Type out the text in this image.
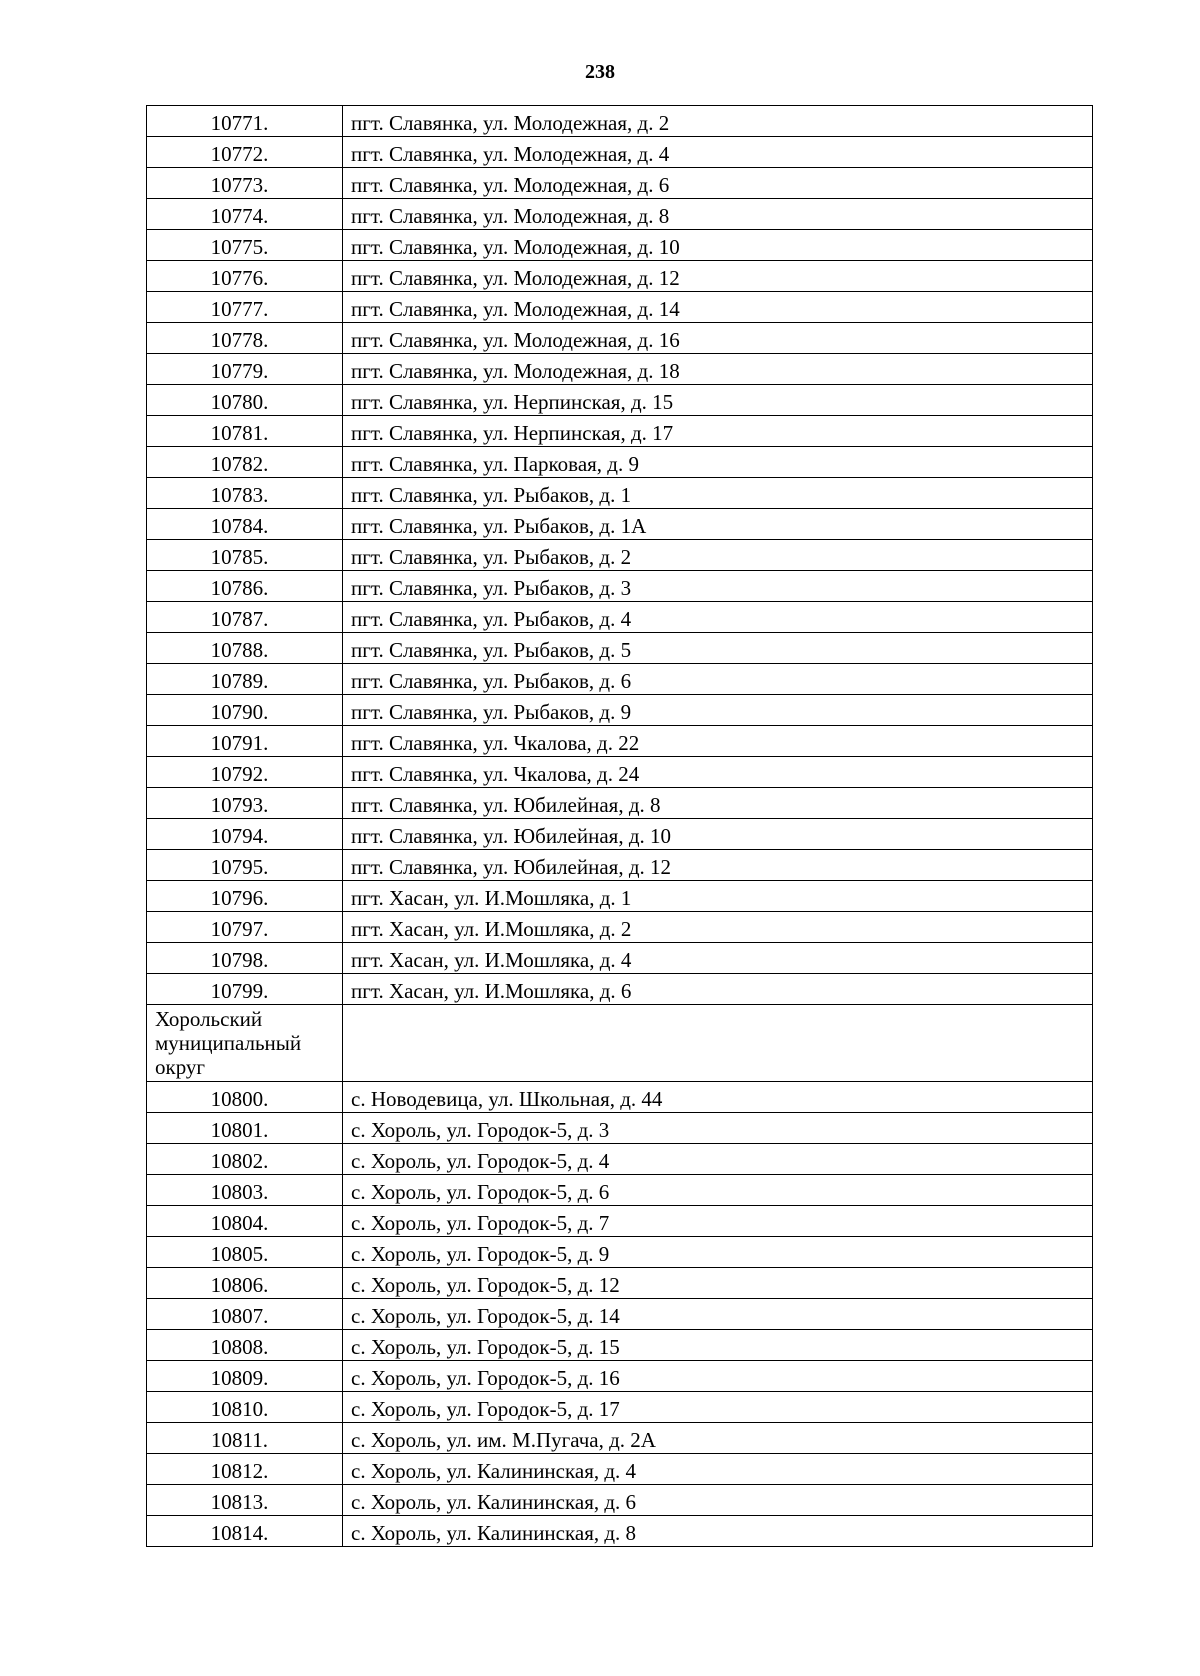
238
10771.	пгт. Славянка, ул. Молодежная, д. 2
10772.	пгт. Славянка, ул. Молодежная, д. 4
10773.	пгт. Славянка, ул. Молодежная, д. 6
10774.	пгт. Славянка, ул. Молодежная, д. 8
10775.	пгт. Славянка, ул. Молодежная, д. 10
10776.	пгт. Славянка, ул. Молодежная, д. 12
10777.	пгт. Славянка, ул. Молодежная, д. 14
10778.	пгт. Славянка, ул. Молодежная, д. 16
10779.	пгт. Славянка, ул. Молодежная, д. 18
10780.	пгт. Славянка, ул. Нерпинская, д. 15
10781.	пгт. Славянка, ул. Нерпинская, д. 17
10782.	пгт. Славянка, ул. Парковая, д. 9
10783.	пгт. Славянка, ул. Рыбаков, д. 1
10784.	пгт. Славянка, ул. Рыбаков, д. 1А
10785.	пгт. Славянка, ул. Рыбаков, д. 2
10786.	пгт. Славянка, ул. Рыбаков, д. 3
10787.	пгт. Славянка, ул. Рыбаков, д. 4
10788.	пгт. Славянка, ул. Рыбаков, д. 5
10789.	пгт. Славянка, ул. Рыбаков, д. 6
10790.	пгт. Славянка, ул. Рыбаков, д. 9
10791.	пгт. Славянка, ул. Чкалова, д. 22
10792.	пгт. Славянка, ул. Чкалова, д. 24
10793.	пгт. Славянка, ул. Юбилейная, д. 8
10794.	пгт. Славянка, ул. Юбилейная, д. 10
10795.	пгт. Славянка, ул. Юбилейная, д. 12
10796.	пгт. Хасан, ул. И.Мошляка, д. 1
10797.	пгт. Хасан, ул. И.Мошляка, д. 2
10798.	пгт. Хасан, ул. И.Мошляка, д. 4
10799.	пгт. Хасан, ул. И.Мошляка, д. 6
Хорольский муниципальный округ	
10800.	с. Новодевица, ул. Школьная, д. 44
10801.	с. Хороль, ул. Городок-5, д. 3
10802.	с. Хороль, ул. Городок-5, д. 4
10803.	с. Хороль, ул. Городок-5, д. 6
10804.	с. Хороль, ул. Городок-5, д. 7
10805.	с. Хороль, ул. Городок-5, д. 9
10806.	с. Хороль, ул. Городок-5, д. 12
10807.	с. Хороль, ул. Городок-5, д. 14
10808.	с. Хороль, ул. Городок-5, д. 15
10809.	с. Хороль, ул. Городок-5, д. 16
10810.	с. Хороль, ул. Городок-5, д. 17
10811.	с. Хороль, ул. им. М.Пугача, д. 2А
10812.	с. Хороль, ул. Калининская, д. 4
10813.	с. Хороль, ул. Калининская, д. 6
10814.	с. Хороль, ул. Калининская, д. 8
